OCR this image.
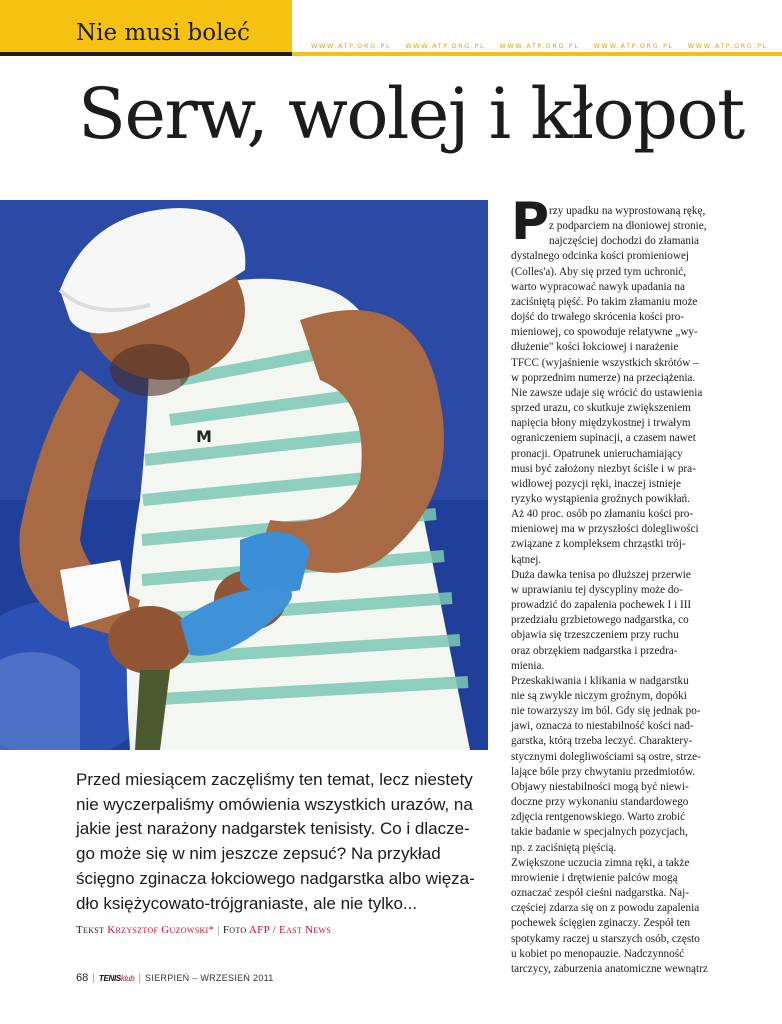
Nie musi boleć	WWW.ATP.ORG.PL WWW.ATP.ORG.PL WWW.ATP.ORG.PL WWW.ATP.ORG.PL WWW.ATP.ORG.PL
Serw, wolej i kłopot
M

Przed miesiącem zaczęliśmy ten temat, lecz niestety

nie wyczerpaliśmy omówienia wszystkich urazów, na

jakie jest narażony nadgarstek tenisisty. Co i dlacze-

go może się w nim jeszcze zepsuć? Na przykład

ścięgno zginacza łokciowego nadgarstka albo więza-

dło księżycowato-trójgraniaste, ale nie tylko...

Tekst Krzysztof Guzowski* | Foto AFP / East News
P rzy upadku na wyprostowaną rękę,

z podparciem na dłoniowej stronie,

najczęściej dochodzi do złamania

dystalnego odcinka kości promieniowej

(Colles'a). Aby się przed tym uchronić,

warto wypracować nawyk upadania na

zaciśniętą pięść. Po takim złamaniu może

dojść do trwałego skrócenia kości pro-

mieniowej, co spowoduje relatywne „wy-

dłużenie" kości łokciowej i narażenie

TFCC (wyjaśnienie wszystkich skrótów –

w poprzednim numerze) na przeciążenia.

Nie zawsze udaje się wrócić do ustawienia

sprzed urazu, co skutkuje zwiększeniem

napięcia błony międzykostnej i trwałym

ograniczeniem supinacji, a czasem nawet

pronacji. Opatrunek unieruchamiający

musi być założony niezbyt ściśle i w pra-

widłowej pozycji ręki, inaczej istnieje

ryzyko wystąpienia groźnych powikłań.

Aż 40 proc. osób po złamaniu kości pro-

mieniowej ma w przyszłości dolegliwości

związane z kompleksem chrząstki trój-

kątnej.

Duża dawka tenisa po dłuższej przerwie

w uprawianiu tej dyscypliny może do-

prowadzić do zapalenia pochewek I i III

przedziału grzbietowego nadgarstka, co

objawia się trzeszczeniem przy ruchu

oraz obrzękiem nadgarstka i przedra-

mienia.

Przeskakiwania i klikania w nadgarstku

nie są zwykle niczym groźnym, dopóki

nie towarzyszy im ból. Gdy się jednak po-

jawi, oznacza to niestabilność kości nad-

garstka, którą trzeba leczyć. Charaktery-

stycznymi dolegliwościami są ostre, strze-

lające bóle przy chwytaniu przedmiotów.

Objawy niestabilności mogą być niewi-

doczne przy wykonaniu standardowego

zdjęcia rentgenowskiego. Warto zrobić

takie badanie w specjalnych pozycjach,

np. z zaciśniętą pięścią.

Zwiększone uczucia zimna ręki, a także

mrowienie i drętwienie palców mogą

oznaczać zespół cieśni nadgarstka. Naj-

częściej zdarza się on z powodu zapalenia

pochewek ścięgien zginaczy. Zespół ten

spotykamy raczej u starszych osób, często

u kobiet po menopauzie. Nadczynność

tarczycy, zaburzenia anatomiczne wewnątrz

68 | TENISklub | SIERPIEŃ – WRZESIEŃ 2011
